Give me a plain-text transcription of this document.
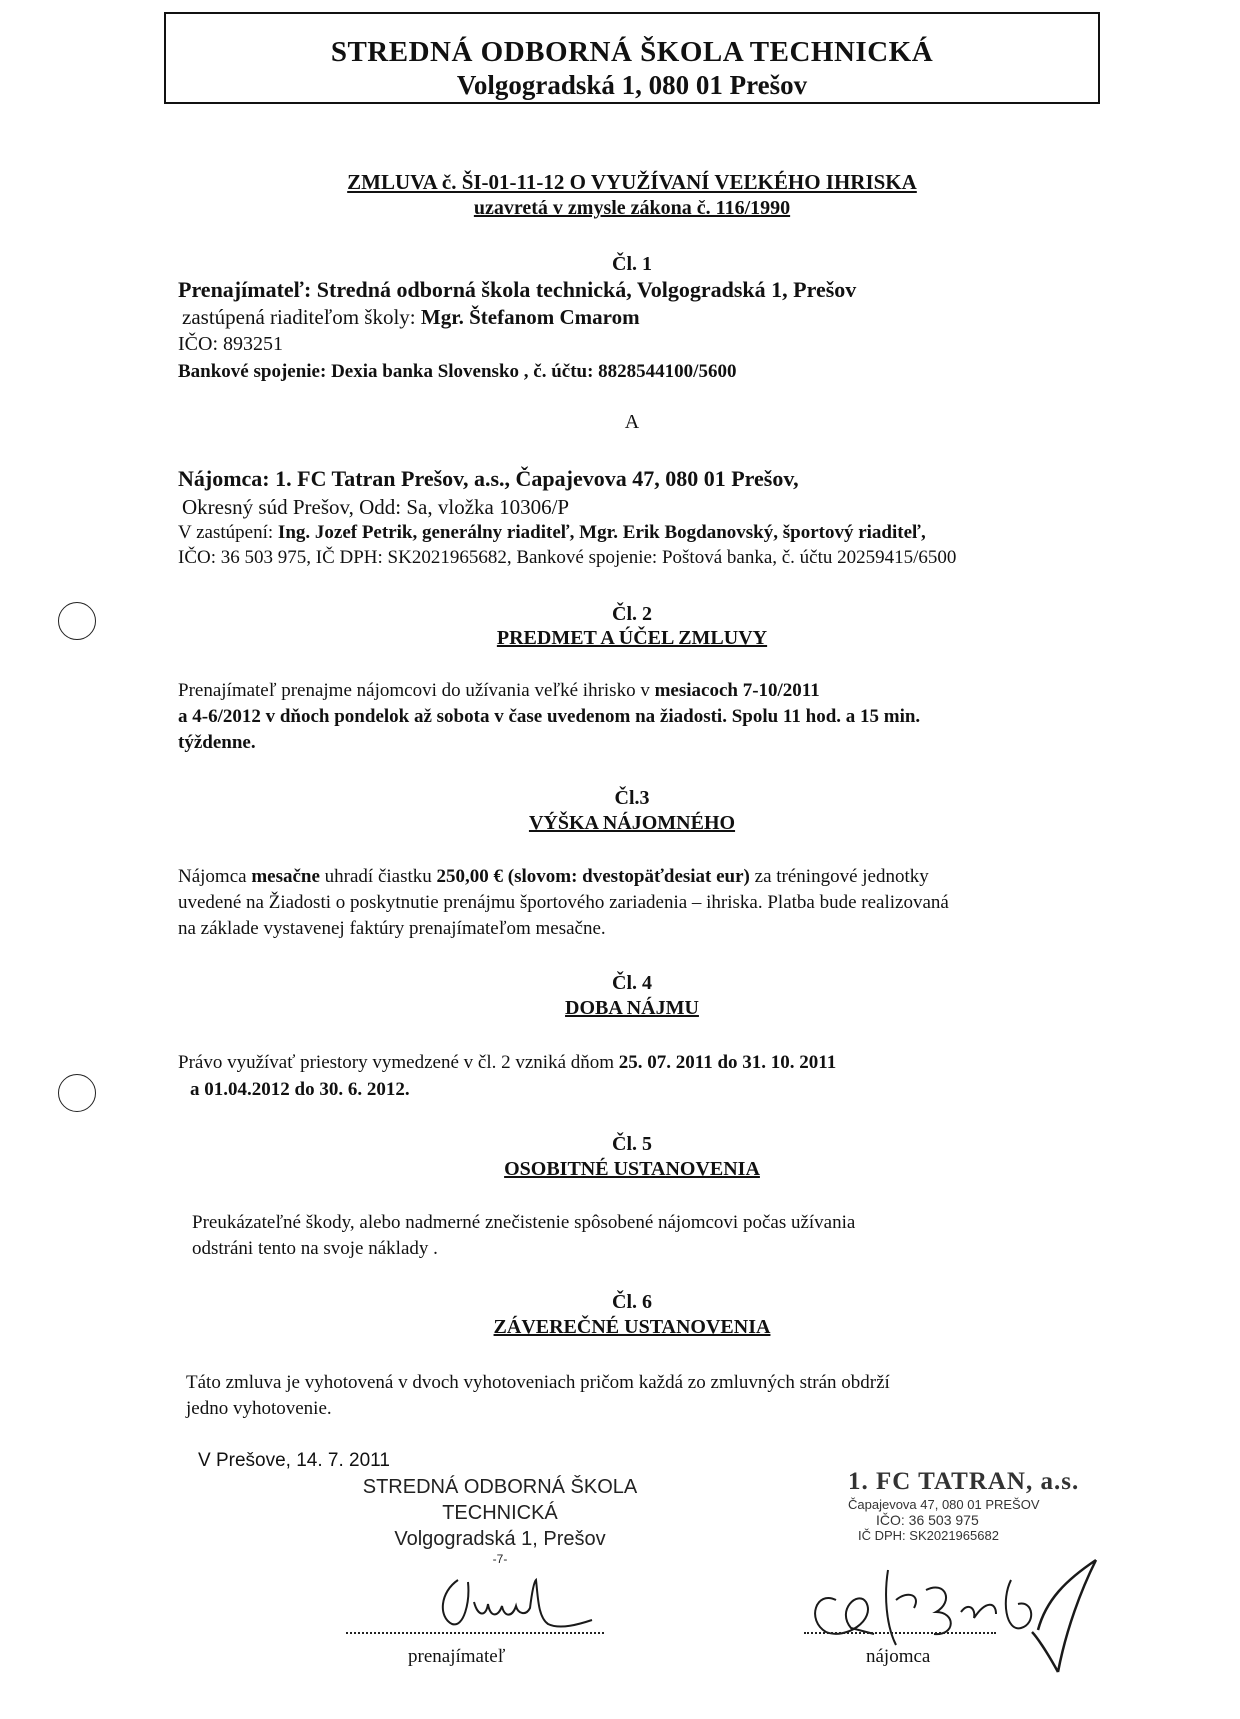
STREDNÁ ODBORNÁ ŠKOLA TECHNICKÁ
Volgogradská 1, 080 01 Prešov
ZMLUVA č. ŠI-01-11-12 O VYUŽÍVANÍ VEĽKÉHO IHRISKA
uzavretá v zmysle zákona č. 116/1990
Čl. 1
Prenajímateľ: Stredná odborná škola technická, Volgogradská 1, Prešov
zastúpená riaditeľom školy: Mgr. Štefanom Cmarom
IČO: 893251
Bankové spojenie: Dexia banka Slovensko , č. účtu: 8828544100/5600
A
Nájomca: 1. FC Tatran Prešov, a.s., Čapajevova 47, 080 01 Prešov,
Okresný súd Prešov, Odd: Sa, vložka 10306/P
V zastúpení: Ing. Jozef Petrik, generálny riaditeľ, Mgr. Erik Bogdanovský, športový riaditeľ,
IČO: 36 503 975, IČ DPH: SK2021965682, Bankové spojenie: Poštová banka, č. účtu 20259415/6500
Čl. 2
PREDMET A ÚČEL ZMLUVY
Prenajímateľ prenajme nájomcovi do užívania veľké ihrisko v mesiacoch 7-10/2011
a 4-6/2012 v dňoch pondelok až sobota v čase uvedenom na žiadosti. Spolu 11 hod. a 15 min.
týždenne.
Čl.3
VÝŠKA NÁJOMNÉHO
Nájomca mesačne uhradí čiastku 250,00 € (slovom: dvestopäťdesiat eur) za tréningové jednotky
uvedené na Žiadosti o poskytnutie prenájmu športového zariadenia – ihriska. Platba bude realizovaná
na základe vystavenej faktúry prenajímateľom mesačne.
Čl. 4
DOBA NÁJMU
Právo využívať priestory vymedzené v čl. 2 vzniká dňom 25. 07. 2011 do 31. 10. 2011
a 01.04.2012 do 30. 6. 2012.
Čl. 5
OSOBITNÉ USTANOVENIA
Preukázateľné škody, alebo nadmerné znečistenie spôsobené nájomcovi počas užívania
odstráni tento na svoje náklady .
Čl. 6
ZÁVEREČNÉ USTANOVENIA
Táto zmluva je vyhotovená v dvoch vyhotoveniach pričom každá zo zmluvných strán obdrží
jedno vyhotovenie.
V Prešove, 14. 7. 2011
STREDNÁ ODBORNÁ ŠKOLA
TECHNICKÁ
Volgogradská 1, Prešov
-7-
prenajímateľ
1. FC TATRAN, a.s.
Čapajevova 47, 080 01 PREŠOV
IČO: 36 503 975
IČ DPH: SK2021965682
nájomca
